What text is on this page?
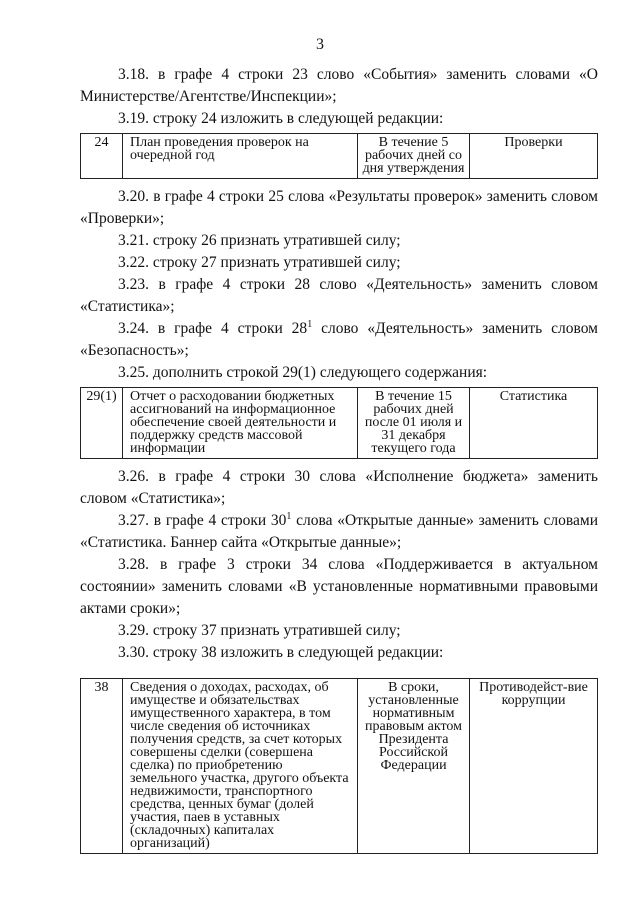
3

3.18. в графе 4 строки 23 слово «События» заменить словами «О Министерстве/Агентстве/Инспекции»;

3.19. строку 24 изложить в следующей редакции:

24	План проведения проверок на очередной год	В течение 5 рабочих дней со дня утверждения	Проверки

3.20. в графе 4 строки 25 слова «Результаты проверок» заменить словом «Проверки»;

3.21. строку 26 признать утратившей силу;

3.22. строку 27 признать утратившей силу;

3.23. в графе 4 строки 28 слово «Деятельность» заменить словом «Статистика»;

3.24. в графе 4 строки $28^1$ слово «Деятельность» заменить словом «Безопасность»;

3.25. дополнить строкой 29(1) следующего содержания:

29(1)	Отчет о расходовании бюджетных ассигнований на информационное обеспечение своей деятельности и поддержку средств массовой информации	В течение 15 рабочих дней после 01 июля и 31 декабря текущего года	Статистика

3.26. в графе 4 строки 30 слова «Исполнение бюджета» заменить словом «Статистика»;

3.27. в графе 4 строки $30^1$ слова «Открытые данные» заменить словами «Статистика. Баннер сайта «Открытые данные»;

3.28. в графе 3 строки 34 слова «Поддерживается в актуальном состоянии» заменить словами «В установленные нормативными правовыми актами сроки»;

3.29. строку 37 признать утратившей силу;

3.30. строку 38 изложить в следующей редакции:

38	Сведения о доходах, расходах, об имуществе и обязательствах имущественного характера, в том числе сведения об источниках получения средств, за счет которых совершены сделки (совершена сделка) по приобретению земельного участка, другого объекта недвижимости, транспортного средства, ценных бумаг (долей участия, паев в уставных (складочных) капиталах организаций)	В сроки, установленные нормативным правовым актом Президента Российской Федерации	Противодейст-вие коррупции
